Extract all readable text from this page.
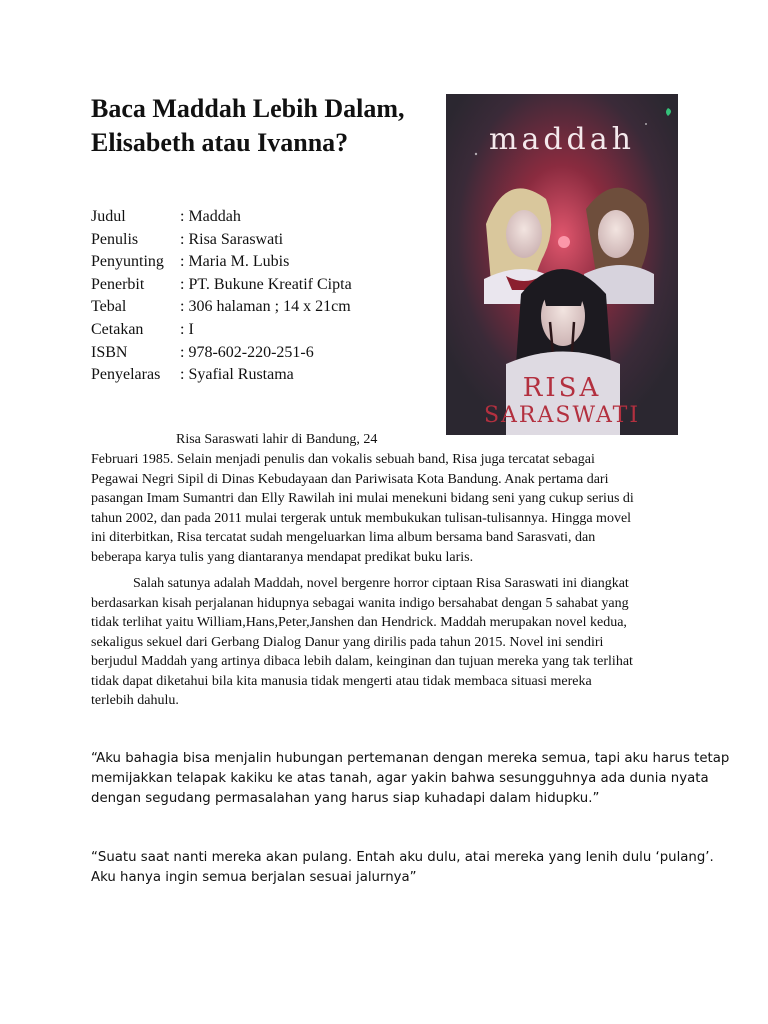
Baca Maddah Lebih Dalam,
Elisabeth atau Ivanna?
Judul	: Maddah
Penulis	: Risa Saraswati
Penyunting	: Maria M. Lubis
Penerbit	: PT. Bukune Kreatif Cipta
Tebal	: 306 halaman ; 14 x 21cm
Cetakan	: I
ISBN	: 978-602-220-251-6
Penyelaras	: Syafial Rustama
maddah
RISA
SARASWATI
Risa Saraswati lahir di Bandung, 24
Februari 1985. Selain menjadi penulis dan vokalis sebuah band, Risa juga tercatat sebagai
Pegawai Negri Sipil di Dinas Kebudayaan dan Pariwisata Kota Bandung. Anak pertama dari
pasangan Imam Sumantri dan Elly Rawilah ini mulai menekuni bidang seni yang cukup serius di
tahun 2002, dan pada 2011 mulai tergerak untuk membukukan tulisan-tulisannya. Hingga movel
ini diterbitkan, Risa tercatat sudah mengeluarkan lima album bersama band Sarasvati, dan
beberapa karya tulis yang diantaranya mendapat predikat buku laris.
Salah satunya adalah Maddah, novel bergenre horror ciptaan Risa Saraswati ini diangkat
berdasarkan kisah perjalanan hidupnya sebagai wanita indigo bersahabat dengan 5 sahabat yang
tidak terlihat yaitu William,Hans,Peter,Janshen dan Hendrick. Maddah merupakan novel kedua,
sekaligus sekuel dari Gerbang Dialog Danur yang dirilis pada tahun 2015. Novel ini sendiri
berjudul Maddah yang artinya dibaca lebih dalam, keinginan dan tujuan mereka yang tak terlihat
tidak dapat diketahui bila kita manusia tidak mengerti atau tidak membaca situasi mereka
terlebih dahulu.
“Aku bahagia bisa menjalin hubungan pertemanan dengan mereka semua, tapi aku harus tetap
memijakkan telapak kakiku ke atas tanah, agar yakin bahwa sesungguhnya ada dunia nyata
dengan segudang permasalahan yang harus siap kuhadapi dalam hidupku.”
“Suatu saat nanti mereka akan pulang. Entah aku dulu, atai mereka yang lenih dulu ‘pulang’.
Aku hanya ingin semua berjalan sesuai jalurnya”
